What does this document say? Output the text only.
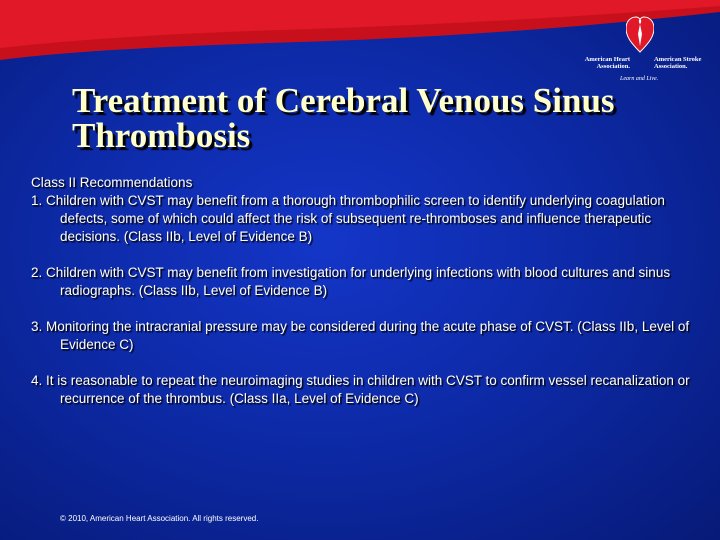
American Heart
Association.
American Stroke
Association.
Learn and Live.
Treatment of Cerebral Venous Sinus Thrombosis

Class II Recommendations

1. Children with CVST may benefit from a thorough thrombophilic screen to identify underlying coagulation defects, some of which could affect the risk of subsequent re-thromboses and influence therapeutic decisions. (Class IIb, Level of Evidence B)

2. Children with CVST may benefit from investigation for underlying infections with blood cultures and sinus radiographs. (Class IIb, Level of Evidence B)

3. Monitoring the intracranial pressure may be considered during the acute phase of CVST. (Class IIb, Level of Evidence C)

4. It is reasonable to repeat the neuroimaging studies in children with CVST to confirm vessel recanalization or recurrence of the thrombus. (Class IIa, Level of Evidence C)

© 2010, American Heart Association. All rights reserved.
